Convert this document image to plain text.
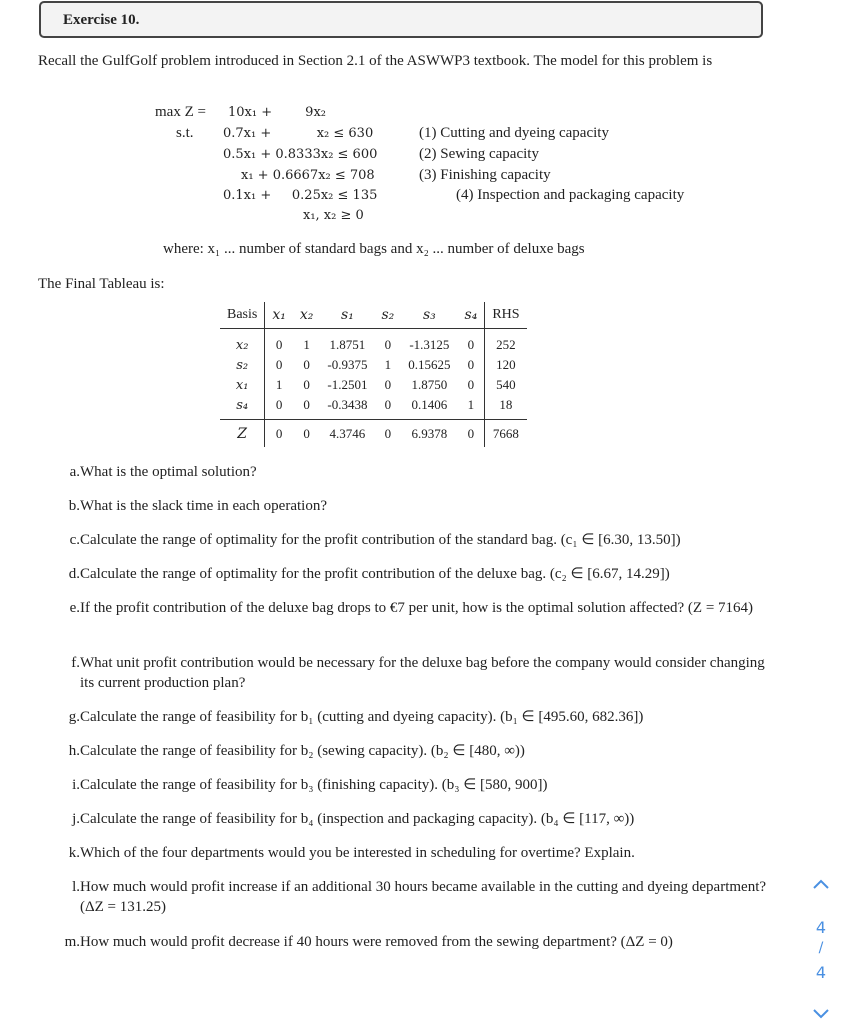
Exercise 10.
Recall the GulfGolf problem introduced in Section 2.1 of the ASWWP3 textbook. The model for this problem is
max Z = 10x₁ +        9x₂
s.t. 0.7x₁ +           x₂ ≤ 630	(1) Cutting and dyeing capacity
0.5x₁ + 0.8333x₂ ≤ 600	(2) Sewing capacity
x₁ + 0.6667x₂ ≤ 708	(3) Finishing capacity
0.1x₁ +     0.25x₂ ≤ 135	(4) Inspection and packaging capacity
x₁, x₂ ≥ 0
where: x₁ ... number of standard bags and x₂ ... number of deluxe bags
The Final Tableau is:
Basis	x₁	x₂	s₁	s₂	s₃	s₄	RHS
x₂	0	1	1.8751	0	-1.3125	0	252
s₂	0	0	-0.9375	1	0.15625	0	120
x₁	1	0	-1.2501	0	1.8750	0	540
s₄	0	0	-0.3438	0	0.1406	1	18
Z	0	0	4.3746	0	6.9378	0	7668
a. What is the optimal solution?
b. What is the slack time in each operation?
c. Calculate the range of optimality for the profit contribution of the standard bag. (c₁ ∈ [6.30, 13.50])
d. Calculate the range of optimality for the profit contribution of the deluxe bag. (c₂ ∈ [6.67, 14.29])
e. If the profit contribution of the deluxe bag drops to €7 per unit, how is the optimal solution affected? (Z = 7164)
f. What unit profit contribution would be necessary for the deluxe bag before the company would consider changing its current production plan?
g. Calculate the range of feasibility for b₁ (cutting and dyeing capacity). (b₁ ∈ [495.60, 682.36])
h. Calculate the range of feasibility for b₂ (sewing capacity). (b₂ ∈ [480, ∞))
i. Calculate the range of feasibility for b₃ (finishing capacity). (b₃ ∈ [580, 900])
j. Calculate the range of feasibility for b₄ (inspection and packaging capacity). (b₄ ∈ [117, ∞))
k. Which of the four departments would you be interested in scheduling for overtime? Explain.
l. How much would profit increase if an additional 30 hours became available in the cutting and dyeing department? (ΔZ = 131.25)
m. How much would profit decrease if 40 hours were removed from the sewing department? (ΔZ = 0)
4
/
4
